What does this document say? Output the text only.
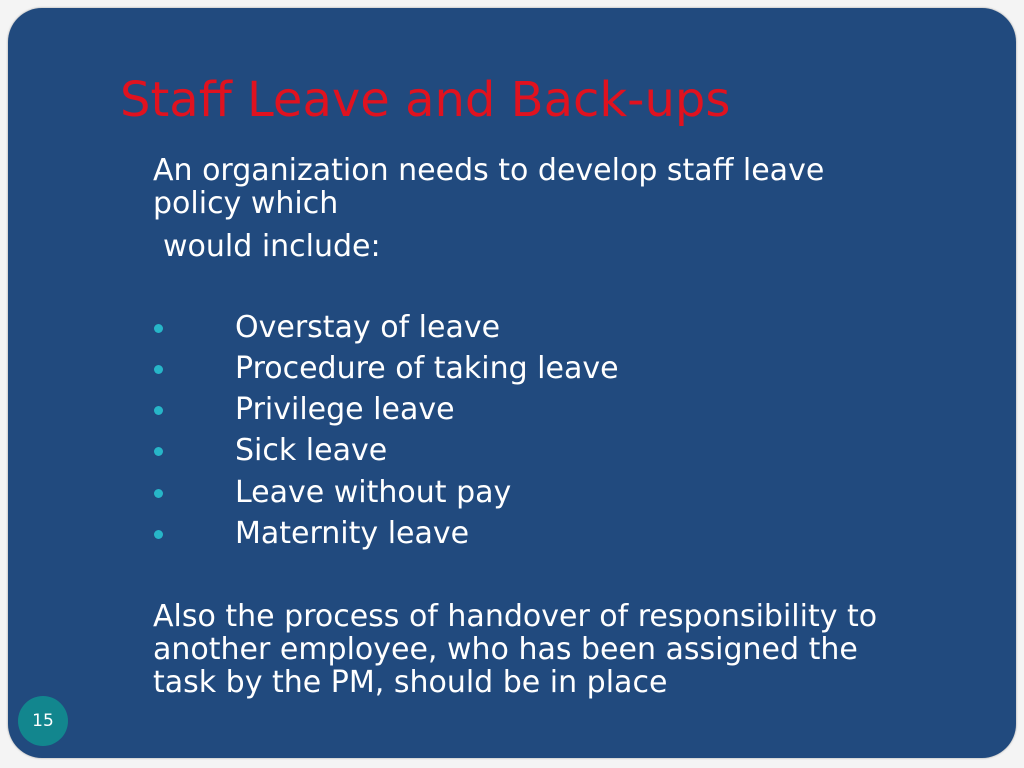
Staff Leave and Back-ups

An organization needs to develop staff leave

policy which

would include:

Overstay of leave
Procedure of taking leave
Privilege leave
Sick leave
Leave without pay
Maternity leave

Also the process of handover of responsibility to
another employee, who has been assigned the
task by the PM, should be in place

15
